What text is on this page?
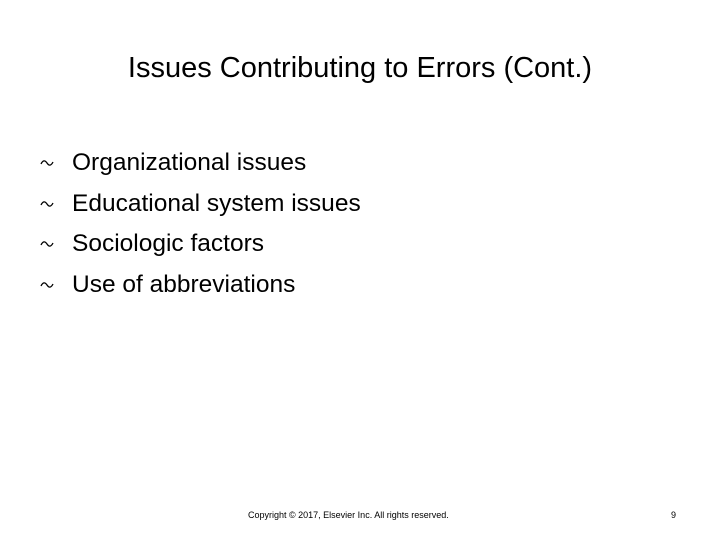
Issues Contributing to Errors (Cont.)
Organizational issues
Educational system issues
Sociologic factors
Use of abbreviations
Copyright © 2017, Elsevier Inc. All rights reserved.	9
